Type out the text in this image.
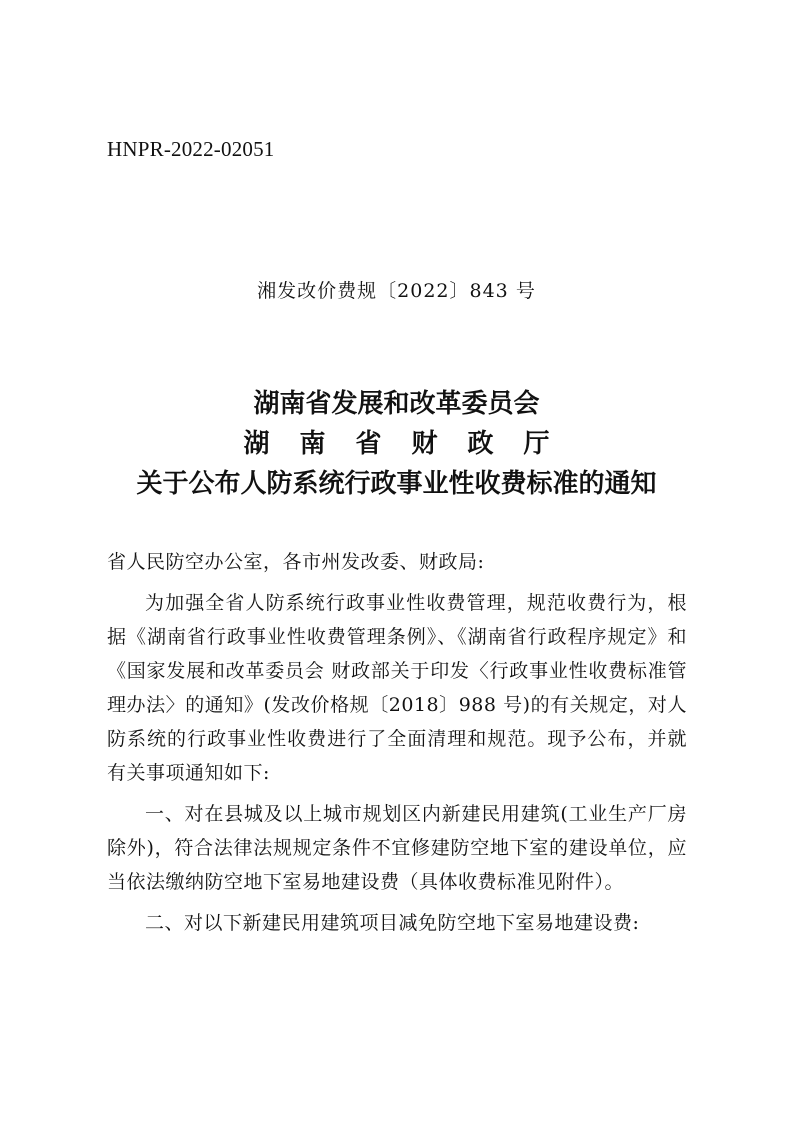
HNPR-2022-02051
湘发改价费规〔2022〕843 号
湖南省发展和改革委员会
湖南省财政厅
关于公布人防系统行政事业性收费标准的通知

省人民防空办公室，各市州发改委、财政局:

为加强全省人防系统行政事业性收费管理，规范收费行为，根据《湖南省行政事业性收费管理条例》、《湖南省行政程序规定》和《国家发展和改革委员会 财政部关于印发〈行政事业性收费标准管理办法〉的通知》(发改价格规〔2018〕988 号)的有关规定，对人防系统的行政事业性收费进行了全面清理和规范。现予公布，并就有关事项通知如下:

一、对在县城及以上城市规划区内新建民用建筑(工业生产厂房除外)，符合法律法规规定条件不宜修建防空地下室的建设单位，应当依法缴纳防空地下室易地建设费（具体收费标准见附件）。

二、对以下新建民用建筑项目减免防空地下室易地建设费:
